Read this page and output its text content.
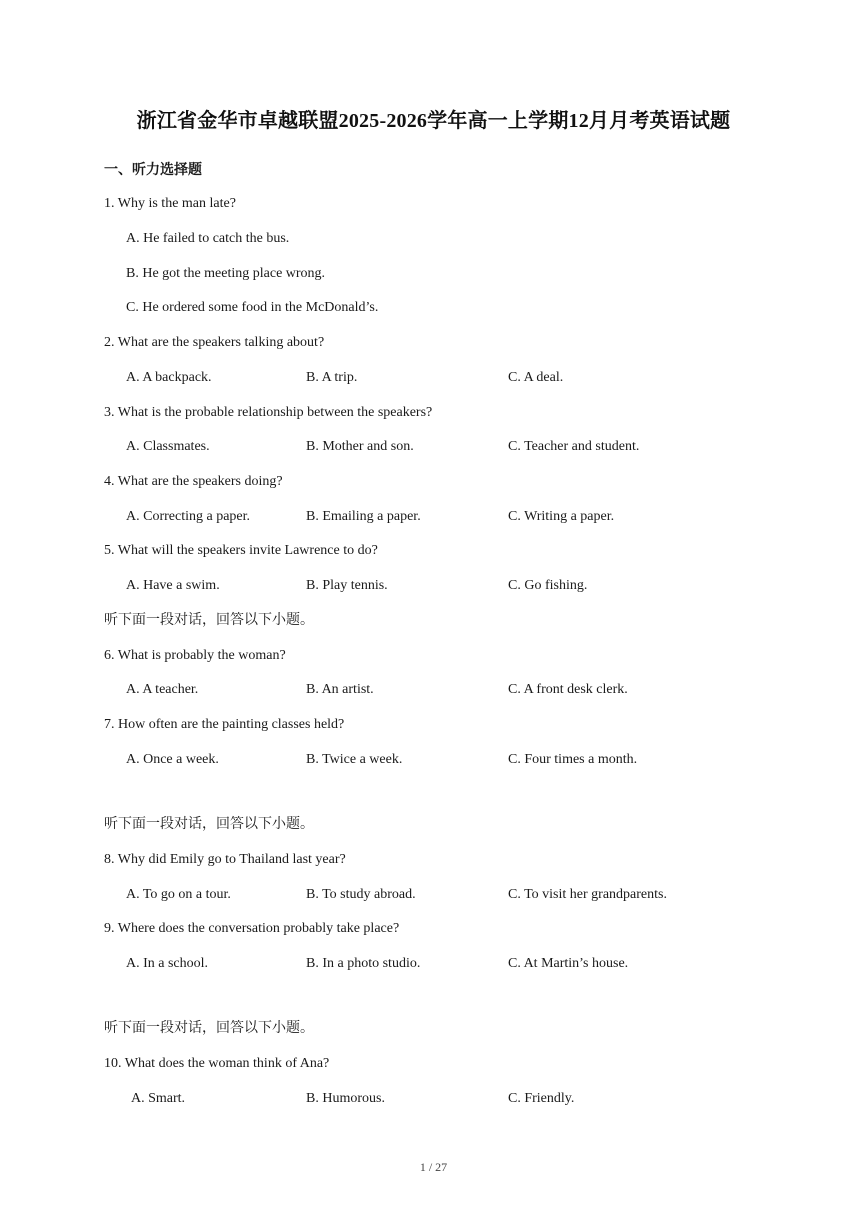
浙江省金华市卓越联盟2025-2026学年高一上学期12月月考英语试题
一、听力选择题
1. Why is the man late?
A. He failed to catch the bus.
B. He got the meeting place wrong.
C. He ordered some food in the McDonald’s.
2. What are the speakers talking about?
A. A backpack.	B. A trip.	C. A deal.
3. What is the probable relationship between the speakers?
A. Classmates.	B. Mother and son.	C. Teacher and student.
4. What are the speakers doing?
A. Correcting a paper.	B. Emailing a paper.	C. Writing a paper.
5. What will the speakers invite Lawrence to do?
A. Have a swim.	B. Play tennis.	C. Go fishing.
听下面一段对话，回答以下小题。
6. What is probably the woman?
A. A teacher.	B. An artist.	C. A front desk clerk.
7. How often are the painting classes held?
A. Once a week.	B. Twice a week.	C. Four times a month.
听下面一段对话，回答以下小题。
8. Why did Emily go to Thailand last year?
A. To go on a tour.	B. To study abroad.	C. To visit her grandparents.
9. Where does the conversation probably take place?
A. In a school.	B. In a photo studio.	C. At Martin’s house.
听下面一段对话，回答以下小题。
10. What does the woman think of Ana?
A. Smart.	B. Humorous.	C. Friendly.
1 / 27
